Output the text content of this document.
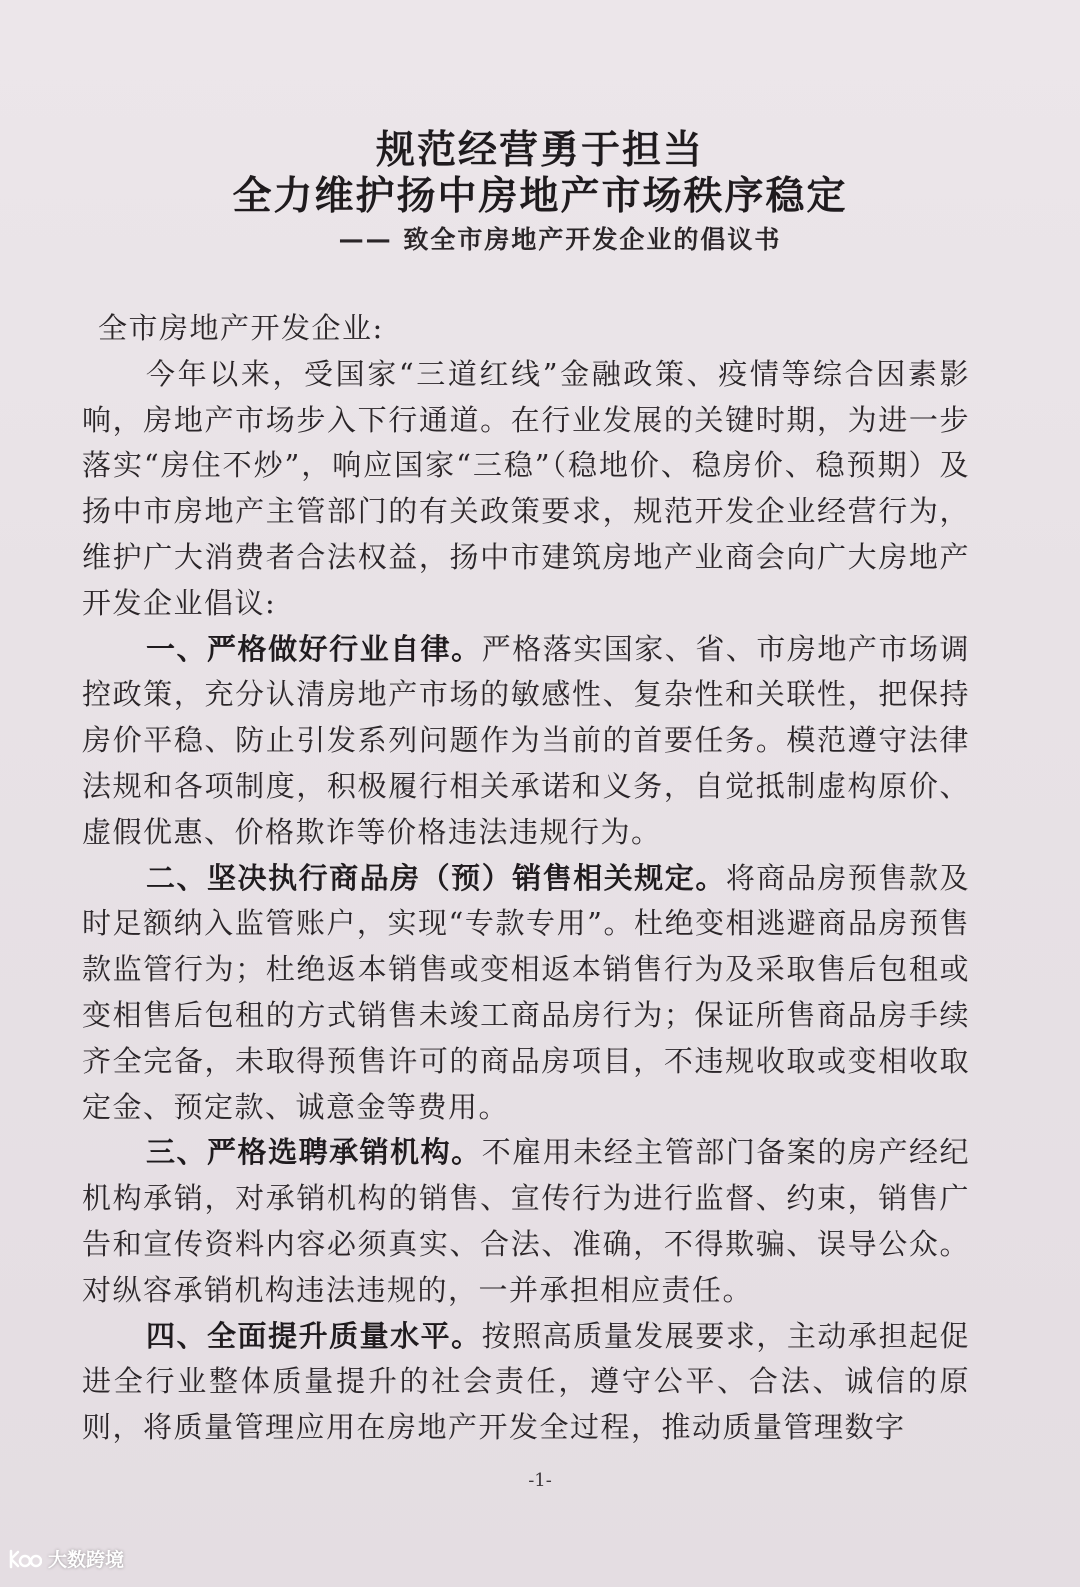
规范经营勇于担当
全力维护扬中房地产市场秩序稳定
—— 致全市房地产开发企业的倡议书

全市房地产开发企业:

今年以来，受国家“三道红线”金融政策、疫情等综合因素影响，房地产市场步入下行通道。在行业发展的关键时期，为进一步落实“房住不炒”，响应国家“三稳”（稳地价、稳房价、稳预期）及扬中市房地产主管部门的有关政策要求，规范开发企业经营行为，维护广大消费者合法权益，扬中市建筑房地产业商会向广大房地产开发企业倡议:

一、严格做好行业自律。严格落实国家、省、市房地产市场调控政策，充分认清房地产市场的敏感性、复杂性和关联性，把保持房价平稳、防止引发系列问题作为当前的首要任务。模范遵守法律法规和各项制度，积极履行相关承诺和义务，自觉抵制虚构原价、虚假优惠、价格欺诈等价格违法违规行为。

二、坚决执行商品房（预）销售相关规定。将商品房预售款及时足额纳入监管账户，实现“专款专用”。杜绝变相逃避商品房预售款监管行为；杜绝返本销售或变相返本销售行为及采取售后包租或变相售后包租的方式销售未竣工商品房行为；保证所售商品房手续齐全完备，未取得预售许可的商品房项目，不违规收取或变相收取定金、预定款、诚意金等费用。

三、严格选聘承销机构。不雇用未经主管部门备案的房产经纪机构承销，对承销机构的销售、宣传行为进行监督、约束，销售广告和宣传资料内容必须真实、合法、准确，不得欺骗、误导公众。对纵容承销机构违法违规的，一并承担相应责任。

四、全面提升质量水平。按照高质量发展要求，主动承担起促进全行业整体质量提升的社会责任，遵守公平、合法、诚信的原则，将质量管理应用在房地产开发全过程，推动质量管理数字

-1-
大数跨境
